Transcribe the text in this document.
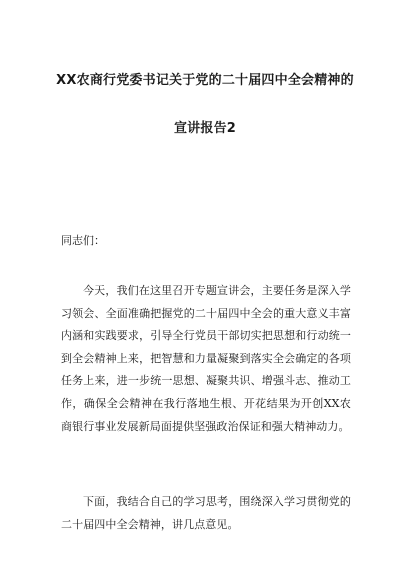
XX农商行党委书记关于党的二十届四中全会精神的
宣讲报告2
同志们：

今天，我们在这里召开专题宣讲会，主要任务是深入学习领会、全面准确把握党的二十届四中全会的重大意义丰富内涵和实践要求，引导全行党员干部切实把思想和行动统一到全会精神上来，把智慧和力量凝聚到落实全会确定的各项任务上来，进一步统一思想、凝聚共识、增强斗志、推动工作，确保全会精神在我行落地生根、开花结果为开创XX农商银行事业发展新局面提供坚强政治保证和强大精神动力。

下面，我结合自己的学习思考，围绕深入学习贯彻党的二十届四中全会精神，讲几点意见。
